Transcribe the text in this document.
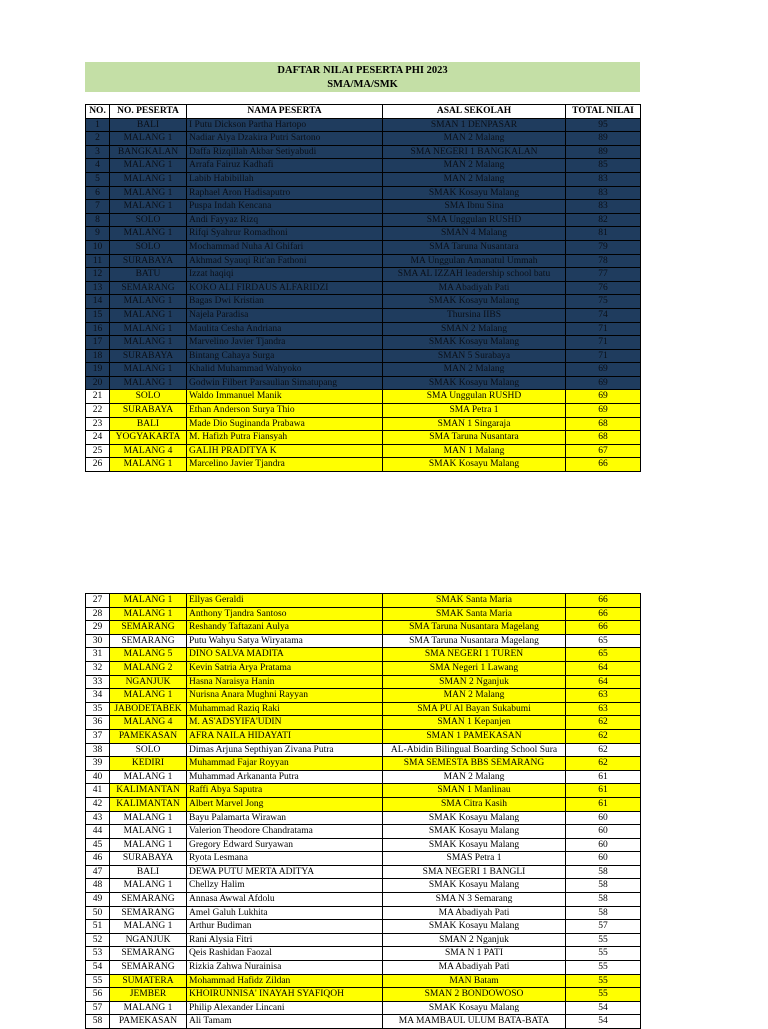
DAFTAR NILAI PESERTA PHI 2023
SMA/MA/SMK
NO.	NO. PESERTA	NAMA PESERTA	ASAL SEKOLAH	TOTAL NILAI
1	BALI	I Putu Dickson Partha Hartopo	SMAN 1 DENPASAR	95
2	MALANG 1	Nadiar Alya Dzakira Putri Sartono	MAN 2 Malang	89
3	BANGKALAN	Daffa Rizqillah Akbar Setiyabudi	SMA NEGERI 1 BANGKALAN	89
4	MALANG 1	Arrafa Fairuz Kadhafi	MAN 2 Malang	85
5	MALANG 1	Labib Habibillah	MAN 2 Malang	83
6	MALANG 1	Raphael Aron Hadisaputro	SMAK Kosayu Malang	83
7	MALANG 1	Puspa Indah Kencana	SMA Ibnu Sina	83
8	SOLO	Andi Fayyaz Rizq	SMA Unggulan RUSHD	82
9	MALANG 1	Rifqi Syahrur Romadhoni	SMAN 4 Malang	81
10	SOLO	Mochammad Nuha Al Ghifari	SMA Taruna Nusantara	79
11	SURABAYA	Akhmad Syauqi Rit'an Fathoni	MA Unggulan Amanatul Ummah	78
12	BATU	Izzat haqiqi	SMA AL IZZAH leadership school batu	77
13	SEMARANG	KOKO ALI FIRDAUS ALFARIDZI	MA Abadiyah Pati	76
14	MALANG 1	Bagas Dwi Kristian	SMAK Kosayu Malang	75
15	MALANG 1	Najela Paradisa	Thursina IIBS	74
16	MALANG 1	Maulita Cesha Andriana	SMAN 2 Malang	71
17	MALANG 1	Marvelino Javier Tjandra	SMAK Kosayu Malang	71
18	SURABAYA	Bintang Cahaya Surga	SMAN 5 Surabaya	71
19	MALANG 1	Khalid Muhammad Wahyoko	MAN 2 Malang	69
20	MALANG 1	Godwin Filbert Parsaulian Simatupang	SMAK Kosayu Malang	69
21	SOLO	Waldo Immanuel Manik	SMA Unggulan RUSHD	69
22	SURABAYA	Ethan Anderson Surya Thio	SMA Petra 1	69
23	BALI	Made Dio Suginanda Prabawa	SMAN 1 Singaraja	68
24	YOGYAKARTA	M. Hafizh Putra Fiansyah	SMA Taruna Nusantara	68
25	MALANG 4	GALIH PRADITYA K	MAN 1 Malang	67
26	MALANG 1	Marcelino Javier Tjandra	SMAK Kosayu Malang	66
27	MALANG 1	Ellyas Geraldi	SMAK Santa Maria	66
28	MALANG 1	Anthony Tjandra Santoso	SMAK Santa Maria	66
29	SEMARANG	Reshandy Taftazani Aulya	SMA Taruna Nusantara Magelang	66
30	SEMARANG	Putu Wahyu Satya Wiryatama	SMA Taruna Nusantara Magelang	65
31	MALANG 5	DINO SALVA MADITA	SMA NEGERI 1 TUREN	65
32	MALANG 2	Kevin Satria Arya Pratama	SMA Negeri 1 Lawang	64
33	NGANJUK	Hasna Naraisya Hanin	SMAN 2 Nganjuk	64
34	MALANG 1	Nurisna Anara Mughni Rayyan	MAN 2 Malang	63
35	JABODETABEK	Muhammad Raziq Raki	SMA PU Al Bayan Sukabumi	63
36	MALANG 4	M. AS'ADSYIFA'UDIN	SMAN 1 Kepanjen	62
37	PAMEKASAN	AFRA NAILA HIDAYATI	SMAN 1 PAMEKASAN	62
38	SOLO	Dimas Arjuna Septhiyan Zivana Putra	AL-Abidin Bilingual Boarding School Sura	62
39	KEDIRI	Muhammad Fajar Royyan	SMA SEMESTA BBS SEMARANG	62
40	MALANG 1	Muhammad Arkananta Putra	MAN 2 Malang	61
41	KALIMANTAN	Raffi Abya Saputra	SMAN 1 Manlinau	61
42	KALIMANTAN	Albert Marvel Jong	SMA Citra Kasih	61
43	MALANG 1	Bayu Palamarta Wirawan	SMAK Kosayu Malang	60
44	MALANG 1	Valerion Theodore Chandratama	SMAK Kosayu Malang	60
45	MALANG 1	Gregory Edward Suryawan	SMAK Kosayu Malang	60
46	SURABAYA	Ryota Lesmana	SMAS Petra 1	60
47	BALI	DEWA PUTU MERTA ADITYA	SMA NEGERI 1 BANGLI	58
48	MALANG 1	Chellzy Halim	SMAK Kosayu Malang	58
49	SEMARANG	Annasa Awwal Afdolu	SMA N 3 Semarang	58
50	SEMARANG	Amel Galuh Lukhita	MA Abadiyah Pati	58
51	MALANG 1	Arthur Budiman	SMAK Kosayu Malang	57
52	NGANJUK	Rani Alysia Fitri	SMAN 2 Nganjuk	55
53	SEMARANG	Qeis Rashidan Faozal	SMA N 1 PATI	55
54	SEMARANG	Rizkia Zahwa Nurainisa	MA Abadiyah Pati	55
55	SUMATERA	Mohammad Hafidz Zildan	MAN Batam	55
56	JEMBER	KHOIRUNNISA' INAYAH SYAFIQOH	SMAN 2 BONDOWOSO	55
57	MALANG 1	Philip Alexander Lincani	SMAK Kosayu Malang	54
58	PAMEKASAN	Ali Tamam	MA MAMBAUL ULUM BATA-BATA	54
